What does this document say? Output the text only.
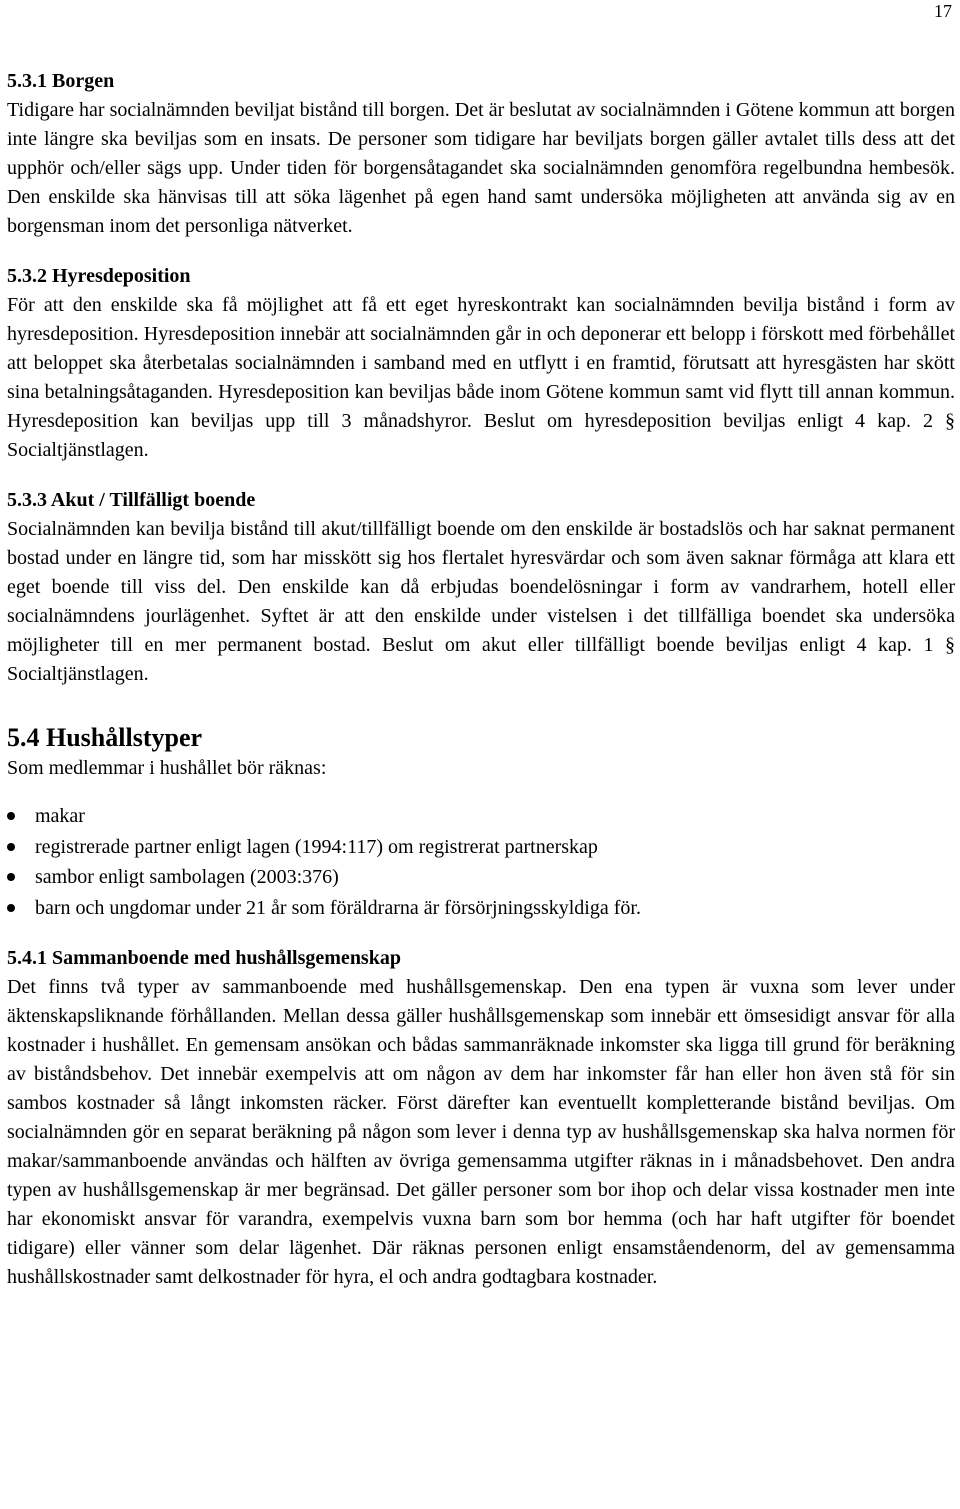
17

5.3.1 Borgen

Tidigare har socialnämnden beviljat bistånd till borgen. Det är beslutat av socialnämnden i Götene kommun att borgen inte längre ska beviljas som en insats. De personer som tidigare har beviljats borgen gäller avtalet tills dess att det upphör och/eller sägs upp. Under tiden för borgensåtagandet ska socialnämnden genomföra regelbundna hembesök. Den enskilde ska hänvisas till att söka lägenhet på egen hand samt undersöka möjligheten att använda sig av en borgensman inom det personliga nätverket.

5.3.2 Hyresdeposition

För att den enskilde ska få möjlighet att få ett eget hyreskontrakt kan socialnämnden bevilja bistånd i form av hyresdeposition. Hyresdeposition innebär att socialnämnden går in och deponerar ett belopp i förskott med förbehållet att beloppet ska återbetalas socialnämnden i samband med en utflytt i en framtid, förutsatt att hyresgästen har skött sina betalningsåtaganden. Hyresdeposition kan beviljas både inom Götene kommun samt vid flytt till annan kommun. Hyresdeposition kan beviljas upp till 3 månadshyror. Beslut om hyresdeposition beviljas enligt 4 kap. 2 § Socialtjänstlagen.

5.3.3 Akut / Tillfälligt boende

Socialnämnden kan bevilja bistånd till akut/tillfälligt boende om den enskilde är bostadslös och har saknat permanent bostad under en längre tid, som har misskött sig hos flertalet hyresvärdar och som även saknar förmåga att klara ett eget boende till viss del. Den enskilde kan då erbjudas boendelösningar i form av vandrarhem, hotell eller socialnämndens jourlägenhet. Syftet är att den enskilde under vistelsen i det tillfälliga boendet ska undersöka möjligheter till en mer permanent bostad. Beslut om akut eller tillfälligt boende beviljas enligt 4 kap. 1 § Socialtjänstlagen.

5.4 Hushållstyper

Som medlemmar i hushållet bör räknas:

makar
registrerade partner enligt lagen (1994:117) om registrerat partnerskap
sambor enligt sambolagen (2003:376)
barn och ungdomar under 21 år som föräldrarna är försörjningsskyldiga för.

5.4.1 Sammanboende med hushållsgemenskap

Det finns två typer av sammanboende med hushållsgemenskap. Den ena typen är vuxna som lever under äktenskapsliknande förhållanden. Mellan dessa gäller hushållsgemenskap som innebär ett ömsesidigt ansvar för alla kostnader i hushållet. En gemensam ansökan och bådas sammanräknade inkomster ska ligga till grund för beräkning av biståndsbehov. Det innebär exempelvis att om någon av dem har inkomster får han eller hon även stå för sin sambos kostnader så långt inkomsten räcker. Först därefter kan eventuellt kompletterande bistånd beviljas. Om socialnämnden gör en separat beräkning på någon som lever i denna typ av hushållsgemenskap ska halva normen för makar/sammanboende användas och hälften av övriga gemensamma utgifter räknas in i månadsbehovet. Den andra typen av hushållsgemenskap är mer begränsad. Det gäller personer som bor ihop och delar vissa kostnader men inte har ekonomiskt ansvar för varandra, exempelvis vuxna barn som bor hemma (och har haft utgifter för boendet tidigare) eller vänner som delar lägenhet. Där räknas personen enligt ensamståendenorm, del av gemensamma hushållskostnader samt delkostnader för hyra, el och andra godtagbara kostnader.
